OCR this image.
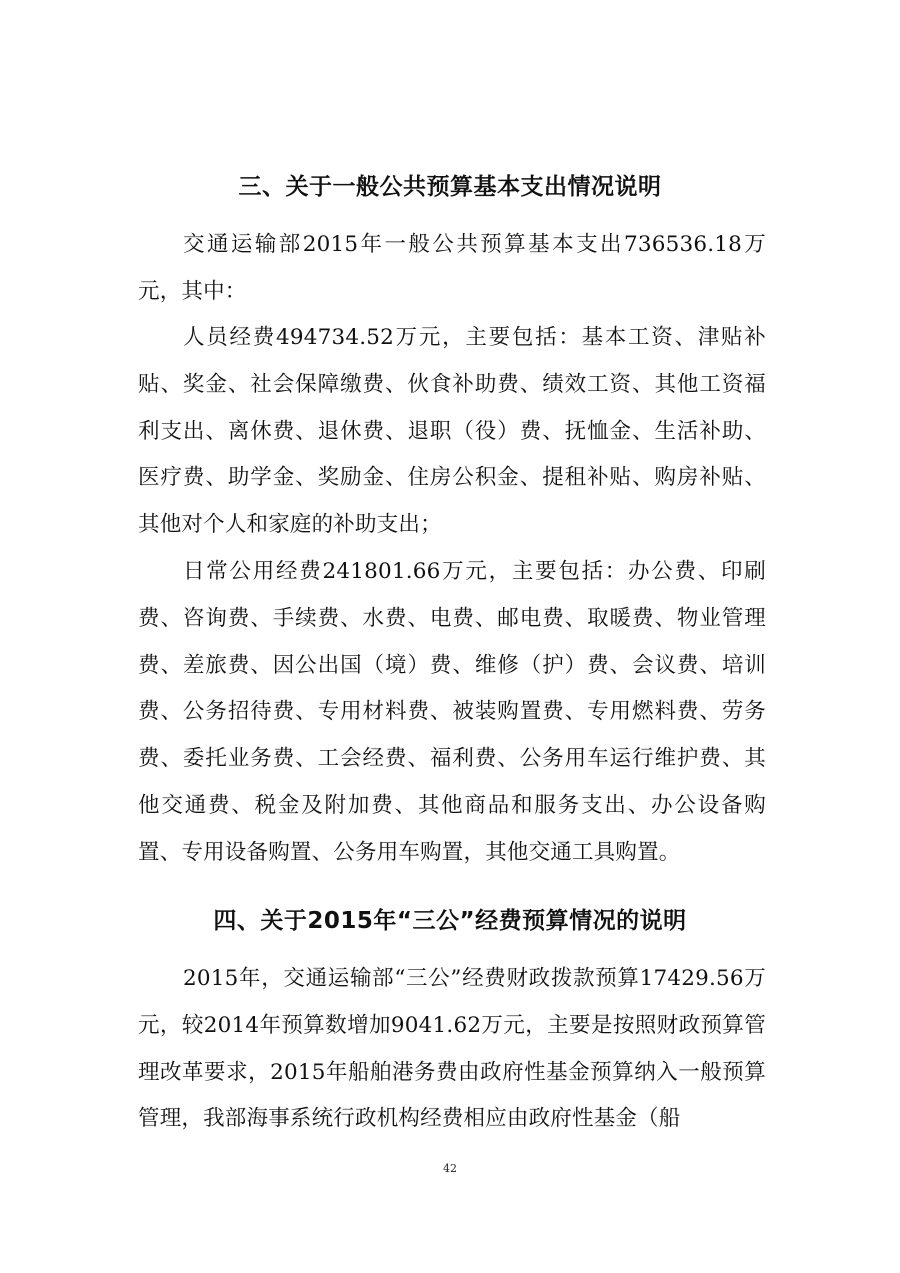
三、关于一般公共预算基本支出情况说明

交通运输部2015年一般公共预算基本支出736536.18万元，其中：

人员经费494734.52万元，主要包括：基本工资、津贴补贴、奖金、社会保障缴费、伙食补助费、绩效工资、其他工资福利支出、离休费、退休费、退职（役）费、抚恤金、生活补助、医疗费、助学金、奖励金、住房公积金、提租补贴、购房补贴、其他对个人和家庭的补助支出；

日常公用经费241801.66万元，主要包括：办公费、印刷费、咨询费、手续费、水费、电费、邮电费、取暖费、物业管理费、差旅费、因公出国（境）费、维修（护）费、会议费、培训费、公务招待费、专用材料费、被装购置费、专用燃料费、劳务费、委托业务费、工会经费、福利费、公务用车运行维护费、其他交通费、税金及附加费、其他商品和服务支出、办公设备购置、专用设备购置、公务用车购置，其他交通工具购置。

四、关于2015年“三公”经费预算情况的说明

2015年，交通运输部“三公”经费财政拨款预算17429.56万元，较2014年预算数增加9041.62万元，主要是按照财政预算管理改革要求，2015年船舶港务费由政府性基金预算纳入一般预算管理，我部海事系统行政机构经费相应由政府性基金（船

42
